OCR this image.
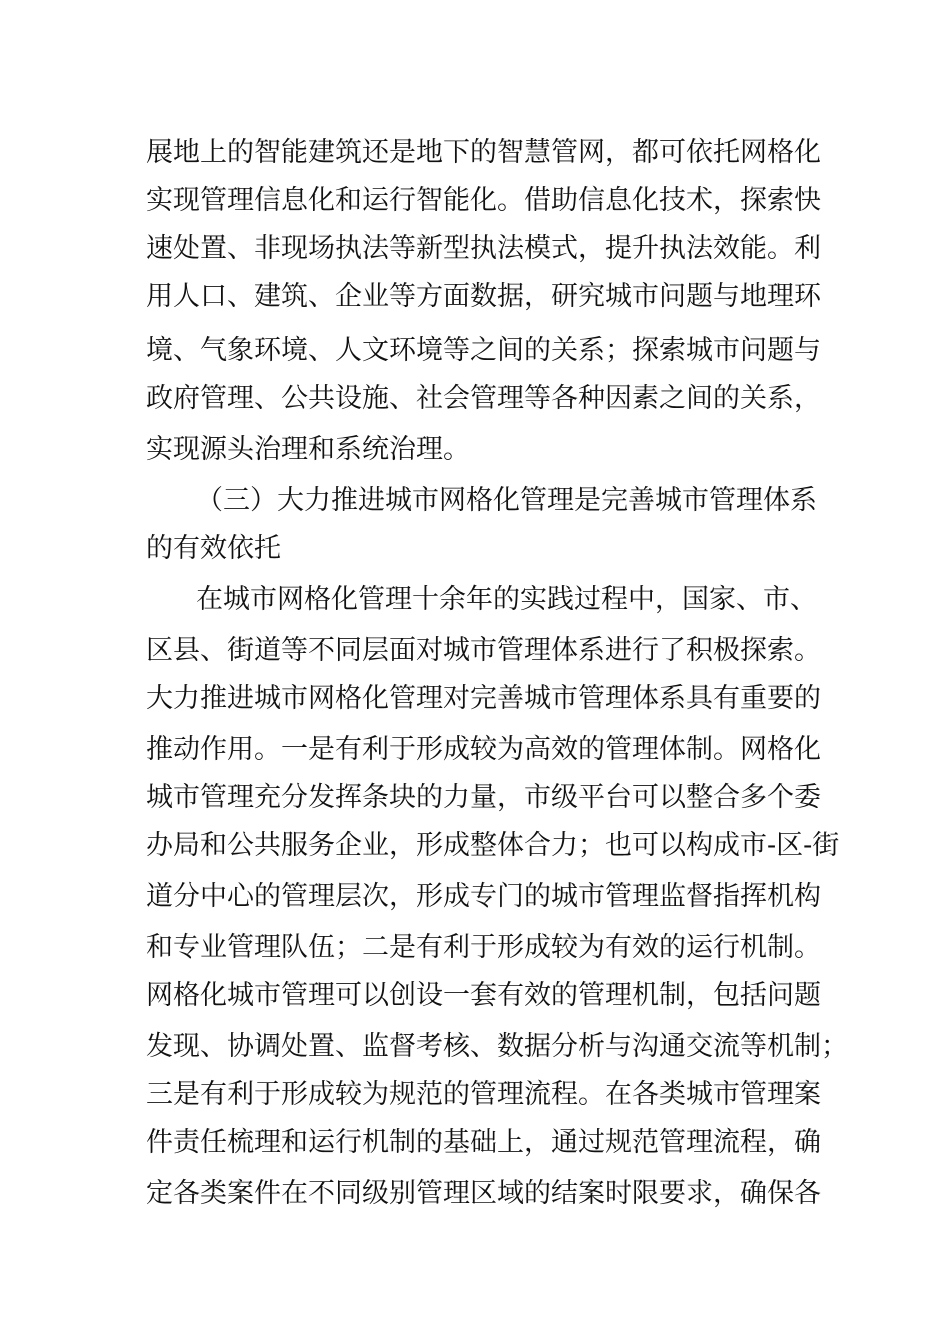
展地上的智能建筑还是地下的智慧管网，都可依托网格化
实现管理信息化和运行智能化。借助信息化技术，探索快
速处置、非现场执法等新型执法模式，提升执法效能。利
用人口、建筑、企业等方面数据，研究城市问题与地理环
境、气象环境、人文环境等之间的关系；探索城市问题与
政府管理、公共设施、社会管理等各种因素之间的关系，
实现源头治理和系统治理。
（三）大力推进城市网格化管理是完善城市管理体系
的有效依托
在城市网格化管理十余年的实践过程中，国家、市、
区县、街道等不同层面对城市管理体系进行了积极探索。
大力推进城市网格化管理对完善城市管理体系具有重要的
推动作用。一是有利于形成较为高效的管理体制。网格化
城市管理充分发挥条块的力量，市级平台可以整合多个委
办局和公共服务企业，形成整体合力；也可以构成市-区-街
道分中心的管理层次，形成专门的城市管理监督指挥机构
和专业管理队伍；二是有利于形成较为有效的运行机制。
网格化城市管理可以创设一套有效的管理机制，包括问题
发现、协调处置、监督考核、数据分析与沟通交流等机制；
三是有利于形成较为规范的管理流程。在各类城市管理案
件责任梳理和运行机制的基础上，通过规范管理流程，确
定各类案件在不同级别管理区域的结案时限要求，确保各
